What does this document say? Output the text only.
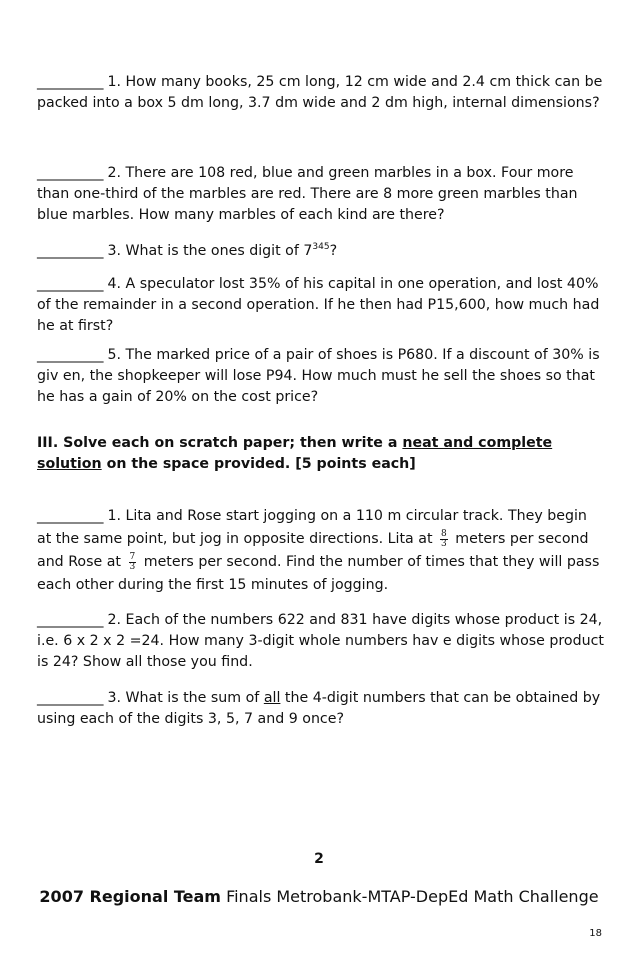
__________ 1. How many books, 25 cm long, 12 cm wide and 2.4 cm thick can be packed into a box 5 dm long, 3.7 dm wide and 2 dm high, internal dimensions?

__________ 2. There are 108 red, blue and green marbles in a box. Four more than one-third of the marbles are red. There are 8 more green marbles than blue marbles. How many marbles of each kind are there?

__________ 3. What is the ones digit of $7^{345}$?

__________ 4. A speculator lost 35% of his capital in one operation, and lost 40% of the remainder in a second operation. If he then had P15,600, how much had he at first?

__________ 5. The marked price of a pair of shoes is P680. If a discount of 30% is giv en, the shopkeeper will lose P94. How much must he sell the shoes so that he has a gain of 20% on the cost price?

III. Solve each on scratch paper; then write a neat and complete solution on the space provided. [5 points each]

__________ 1. Lita and Rose start jogging on a 110 m circular track. They begin at the same point, but jog in opposite directions. Lita at $\frac{8}{3}$ meters per second and Rose at $\frac{7}{3}$ meters per second. Find the number of times that they will pass each other during the first 15 minutes of jogging.

__________ 2. Each of the numbers 622 and 831 have digits whose product is 24, i.e. 6 x 2 x 2 =24. How many 3-digit whole numbers hav e digits whose product is 24? Show all those you find.

__________ 3. What is the sum of all the 4-digit numbers that can be obtained by using each of the digits 3, 5, 7 and 9 once?

2
2007 Regional Team Finals Metrobank-MTAP-DepEd Math Challenge
18
